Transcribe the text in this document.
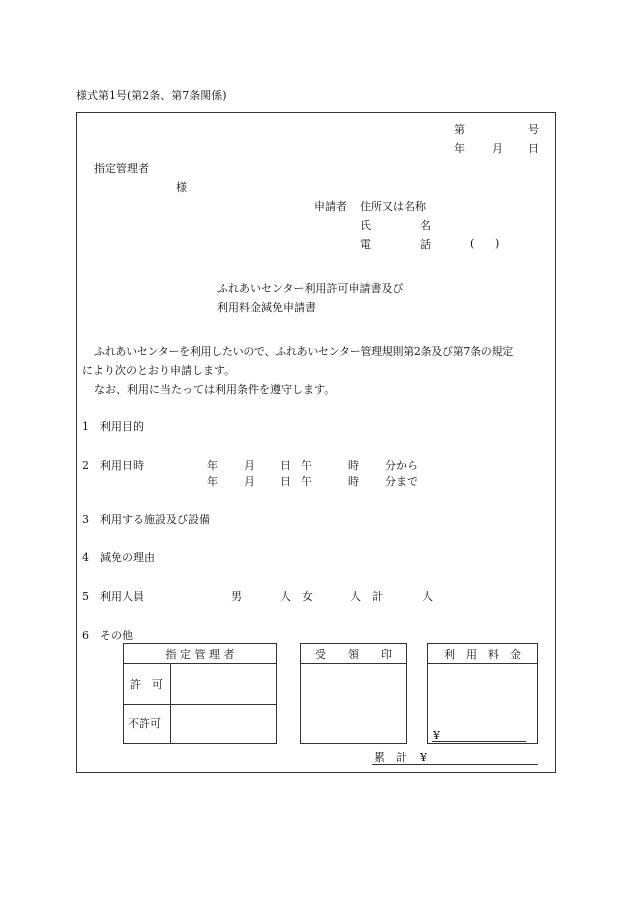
様式第1号(第2条、第7条関係)
第	号
年 月 日
指定管理者
様
申請者 住所又は名称
氏	名
電	話	( )
ふれあいセンター利用許可申請書及び
利用料金減免申請書
ふれあいセンターを利用したいので、ふれあいセンター管理規則第2条及び第7条の規定
により次のとおり申請します。
なお、利用に当たっては利用条件を遵守します。
1　利用目的
2　利用日時	年 月 日 午	時 分から
年 月 日 午	時 分まで
3　利用する施設及び設備
4　減免の理由
5　利用人員	男	人 女	人 計	人
6　その他
指 定 管 理 者
許　可
不許可
受　　領　　印	利　用　料　金
¥
累　計 ¥
